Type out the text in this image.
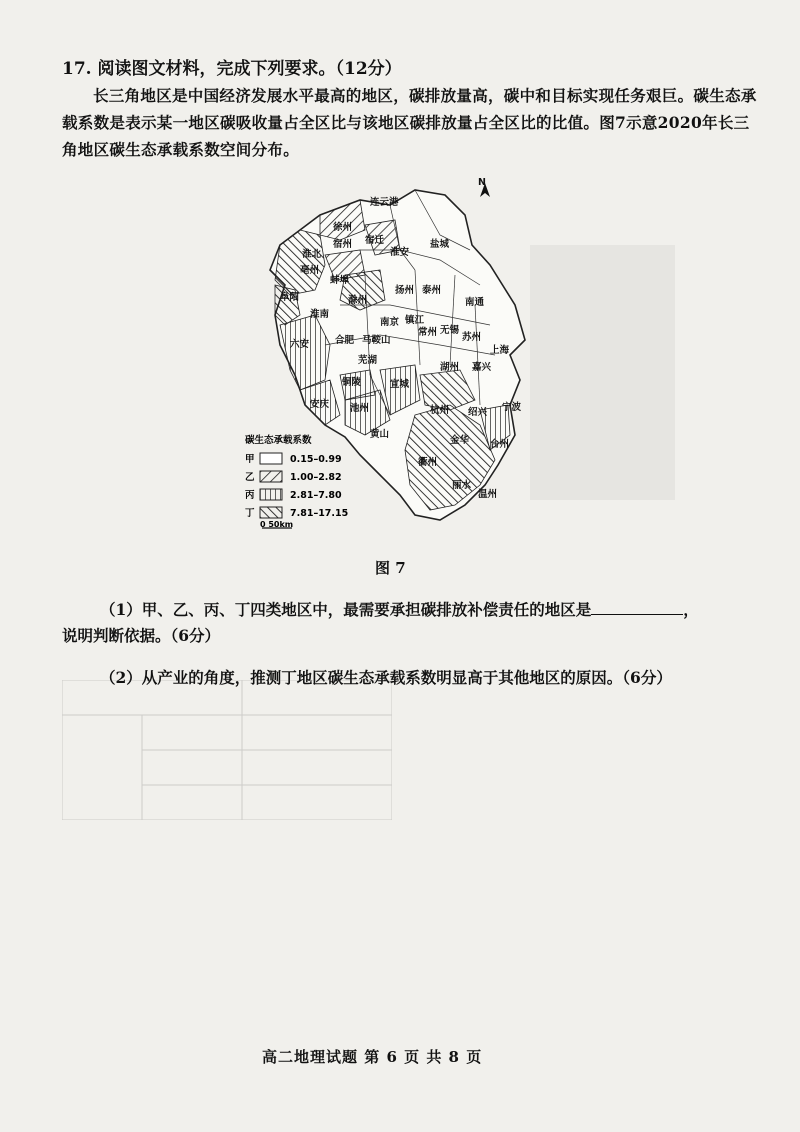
17. 阅读图文材料，完成下列要求。（12分）
长三角地区是中国经济发展水平最高的地区，碳排放量高，碳中和目标实现任务艰巨。碳生态承载系数是表示某一地区碳吸收量占全区比与该地区碳排放量占全区比的比值。图7示意2020年长三角地区碳生态承载系数空间分布。
N
连云港
徐州
宿迁
淮安
盐城
宿州
淮北
蚌埠
阜阳
亳州
淮南
滁州
扬州 泰州
南通
镇江
南京
常州 无锡
苏州
上海
六安	合肥 马鞍山
芜湖
湖州 嘉兴
铜陵	宣城
安庆 池州
黄山
杭州 绍兴 宁波
金华
衢州
台州
丽水
温州
碳生态承载系数
甲	0.15–0.99
乙	1.00–2.82
丙	2.81–7.80
丁	7.81–17.15
0 50km
图 7
（1）甲、乙、丙、丁四类地区中，最需要承担碳排放补偿责任的地区是	，
说明判断依据。（6分）
（2）从产业的角度，推测丁地区碳生态承载系数明显高于其他地区的原因。（6分）
高二地理试题 第 6 页 共 8 页
